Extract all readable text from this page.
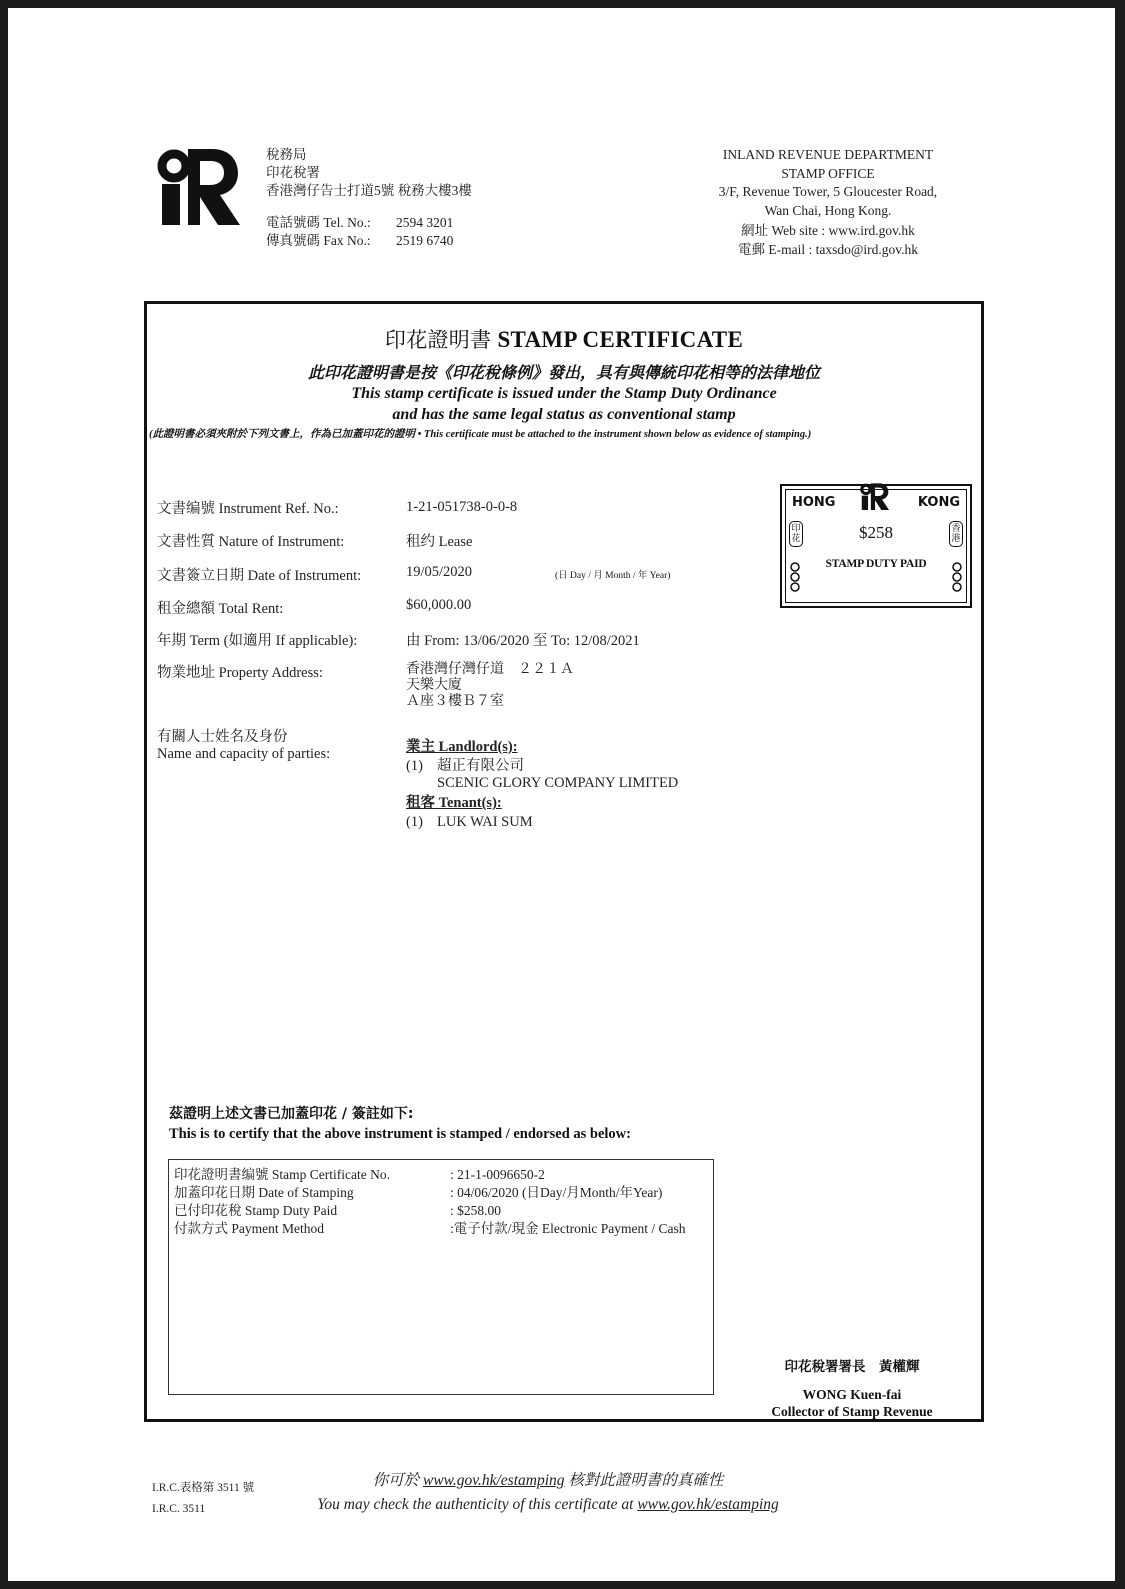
稅務局
印花稅署
香港灣仔告士打道5號 稅務大樓3樓
電話號碼 Tel. No.:	2594 3201
傳真號碼 Fax No.:	2519 6740
INLAND REVENUE DEPARTMENT
STAMP OFFICE
3/F, Revenue Tower, 5 Gloucester Road,
Wan Chai, Hong Kong.
網址 Web site : www.ird.gov.hk
電郵 E-mail : taxsdo@ird.gov.hk
印花證明書 STAMP CERTIFICATE
此印花證明書是按《印花稅條例》發出，具有與傳統印花相等的法律地位
This stamp certificate is issued under the Stamp Duty Ordinance
and has the same legal status as conventional stamp
(此證明書必須夾附於下列文書上，作為已加蓋印花的證明 • This certificate must be attached to the instrument shown below as evidence of stamping.)
文書编號 Instrument Ref. No.:	1-21-051738-0-0-8
文書性質 Nature of Instrument:	租约 Lease
文書簽立日期 Date of Instrument:	19/05/2020	(日 Day / 月 Month / 年 Year)
租金總額 Total Rent:	$60,000.00
年期 Term (如適用 If applicable):	由 From: 13/06/2020 至 To: 12/08/2021
物業地址 Property Address:	香港灣仔灣仔道　２２１Ａ
天樂大廈
Ａ座３樓Ｂ７室
有關人士姓名及身份
Name and capacity of parties:	業主 Landlord(s):
(1) 超正有限公司
SCENIC GLORY COMPANY LIMITED
租客 Tenant(s):
(1) LUK WAI SUM
HONG	KONG
印花
香港
$258
STAMP DUTY PAID
茲證明上述文書已加蓋印花 / 簽註如下:
This is to certify that the above instrument is stamped / endorsed as below:
印花證明書编號 Stamp Certificate No.	: 21-1-0096650-2
加蓋印花日期 Date of Stamping	: 04/06/2020 (日Day/月Month/年Year)
已付印花稅 Stamp Duty Paid	: $258.00
付款方式 Payment Method	:電子付款/現金 Electronic Payment / Cash
印花稅署署長　黃權輝
WONG Kuen-fai
Collector of Stamp Revenue
I.R.C.表格第 3511 號
I.R.C. 3511
你可於 www.gov.hk/estamping 核對此證明書的真確性
You may check the authenticity of this certificate at www.gov.hk/estamping
